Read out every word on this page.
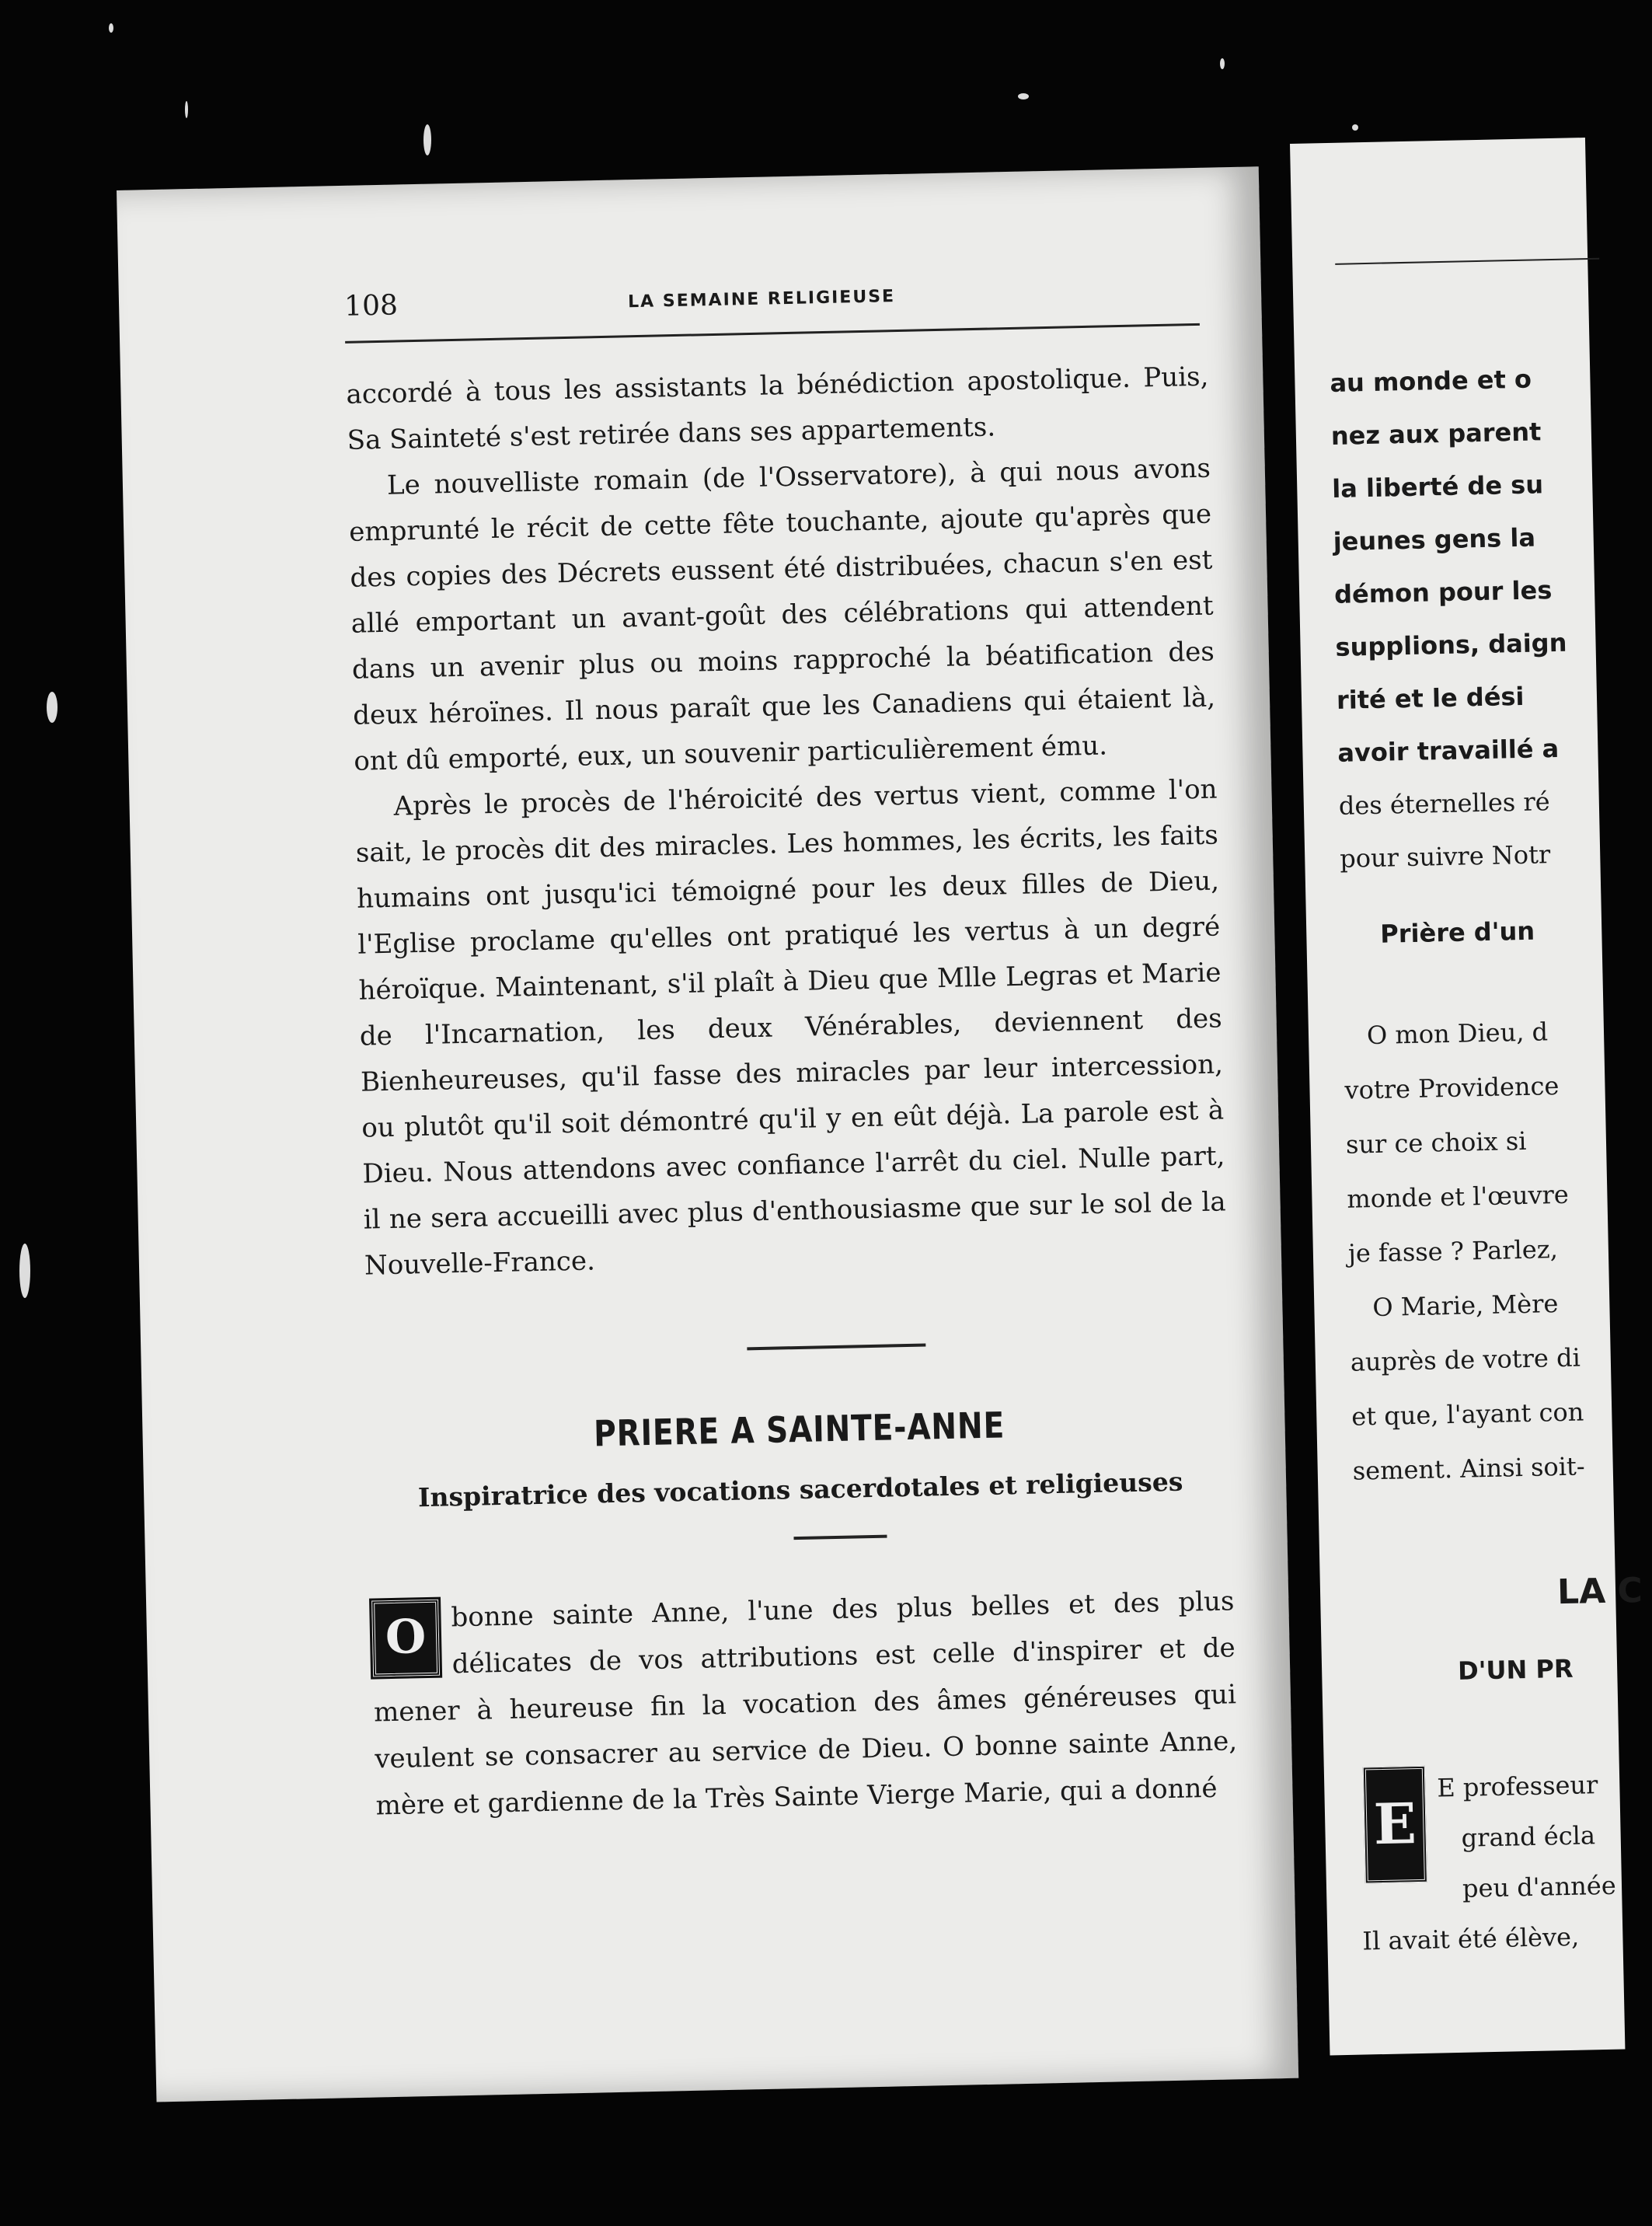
108	LA SEMAINE RELIGIEUSE

accordé à tous les assistants la bénédiction apostolique. Puis, Sa Sainteté s'est retirée dans ses appartements.

Le nouvelliste romain (de l'Osservatore), à qui nous avons emprunté le récit de cette fête touchante, ajoute qu'après que des copies des Décrets eussent été distribuées, chacun s'en est allé emportant un avant-goût des célébrations qui attendent dans un avenir plus ou moins rapproché la béatification des deux héroïnes. Il nous paraît que les Canadiens qui étaient là, ont dû emporté, eux, un souvenir particulièrement ému.

Après le procès de l'héroicité des vertus vient, comme l'on sait, le procès dit des miracles. Les hommes, les écrits, les faits humains ont jusqu'ici témoigné pour les deux filles de Dieu, l'Eglise proclame qu'elles ont pratiqué les vertus à un degré héroïque. Maintenant, s'il plaît à Dieu que Mlle Legras et Marie de l'Incarnation, les deux Vénérables, deviennent des Bienheureuses, qu'il fasse des miracles par leur intercession, ou plutôt qu'il soit démontré qu'il y en eût déjà. La parole est à Dieu. Nous attendons avec confiance l'arrêt du ciel. Nulle part, il ne sera accueilli avec plus d'enthousiasme que sur le sol de la Nouvelle-France.

PRIERE A SAINTE-ANNE
Inspiratrice des vocations sacerdotales et religieuses
O
bonne sainte Anne, l'une des plus belles et des plus délicates de vos attributions est celle d'inspirer et de mener à heureuse fin la vocation des âmes généreuses qui veulent se consacrer au service de Dieu. O bonne sainte Anne, mère et gardienne de la Très Sainte Vierge Marie, qui a donné
au monde et o
nez aux parent
la liberté de su
jeunes gens la
démon pour les
supplions, daign
rité et le dési
avoir travaillé a
des éternelles ré
pour suivre Notr
Prière d'un
O mon Dieu, d
votre Providence
sur ce choix si
monde et l'œuvre
je fasse ? Parlez,
O Marie, Mère
auprès de votre di
et que, l'ayant con
sement. Ainsi soit-
LA C
D'UN PR
E
E professeur
grand écla
peu d'année
Il avait été élève,
